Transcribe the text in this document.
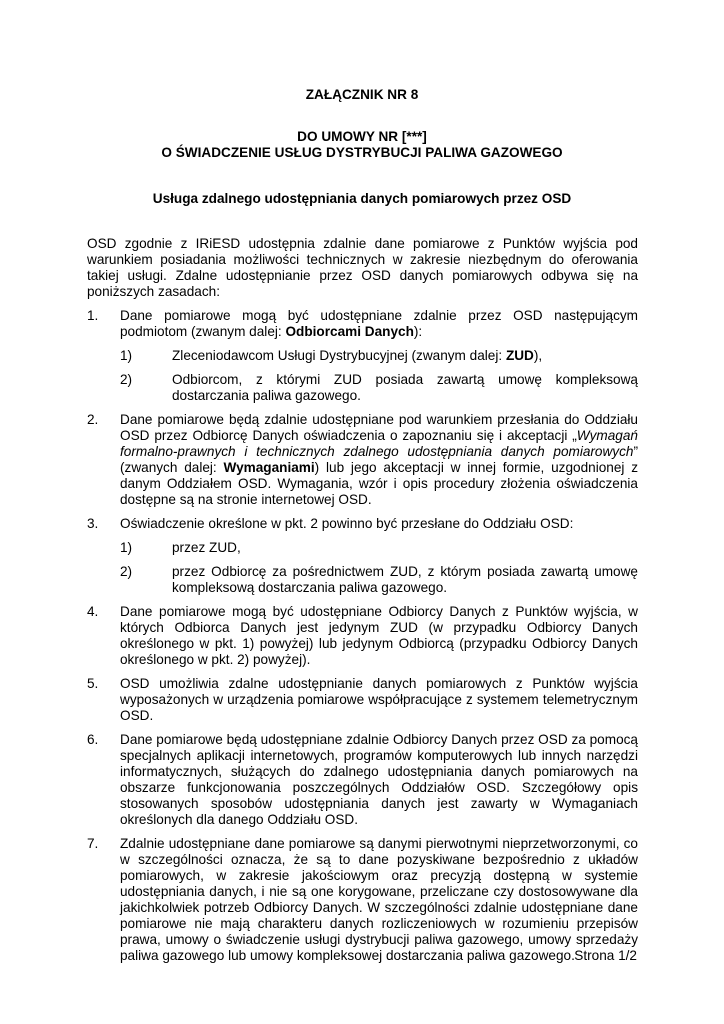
ZAŁĄCZNIK NR 8

DO UMOWY NR [***]

O ŚWIADCZENIE USŁUG DYSTRYBUCJI PALIWA GAZOWEGO

Usługa zdalnego udostępniania danych pomiarowych przez OSD

OSD zgodnie z IRiESD udostępnia zdalnie dane pomiarowe z Punktów wyjścia pod warunkiem posiadania możliwości technicznych w zakresie niezbędnym do oferowania takiej usługi. Zdalne udostępnianie przez OSD danych pomiarowych odbywa się na poniższych zasadach:

1.	Dane pomiarowe mogą być udostępniane zdalnie przez OSD następującym podmiotom (zwanym dalej: Odbiorcami Danych):

1)	Zleceniodawcom Usługi Dystrybucyjnej (zwanym dalej: ZUD),

2)	Odbiorcom, z którymi ZUD posiada zawartą umowę kompleksową dostarczania paliwa gazowego.

2.	Dane pomiarowe będą zdalnie udostępniane pod warunkiem przesłania do Oddziału OSD przez Odbiorcę Danych oświadczenia o zapoznaniu się i akceptacji „Wymagań formalno-prawnych i technicznych zdalnego udostępniania danych pomiarowych” (zwanych dalej: Wymaganiami) lub jego akceptacji w innej formie, uzgodnionej z danym Oddziałem OSD. Wymagania, wzór i opis procedury złożenia oświadczenia dostępne są na stronie internetowej OSD.

3.	Oświadczenie określone w pkt. 2 powinno być przesłane do Oddziału OSD:

1)	przez ZUD,

2)	przez Odbiorcę za pośrednictwem ZUD, z którym posiada zawartą umowę kompleksową dostarczania paliwa gazowego.

4.	Dane pomiarowe mogą być udostępniane Odbiorcy Danych z Punktów wyjścia, w których Odbiorca Danych jest jedynym ZUD (w przypadku Odbiorcy Danych określonego w pkt. 1) powyżej) lub jedynym Odbiorcą (przypadku Odbiorcy Danych określonego w pkt. 2) powyżej).

5.	OSD umożliwia zdalne udostępnianie danych pomiarowych z Punktów wyjścia wyposażonych w urządzenia pomiarowe współpracujące z systemem telemetrycznym OSD.

6.	Dane pomiarowe będą udostępniane zdalnie Odbiorcy Danych przez OSD za pomocą specjalnych aplikacji internetowych, programów komputerowych lub innych narzędzi informatycznych, służących do zdalnego udostępniania danych pomiarowych na obszarze funkcjonowania poszczególnych Oddziałów OSD. Szczegółowy opis stosowanych sposobów udostępniania danych jest zawarty w Wymaganiach określonych dla danego Oddziału OSD.

7.	Zdalnie udostępniane dane pomiarowe są danymi pierwotnymi nieprzetworzonymi, co w szczególności oznacza, że są to dane pozyskiwane bezpośrednio z układów pomiarowych, w zakresie jakościowym oraz precyzją dostępną w systemie udostępniania danych, i nie są one korygowane, przeliczane czy dostosowywane dla jakichkolwiek potrzeb Odbiorcy Danych. W szczególności zdalnie udostępniane dane pomiarowe nie mają charakteru danych rozliczeniowych w rozumieniu przepisów prawa, umowy o świadczenie usługi dystrybucji paliwa gazowego, umowy sprzedaży paliwa gazowego lub umowy kompleksowej dostarczania paliwa gazowego. Strona 1/2
